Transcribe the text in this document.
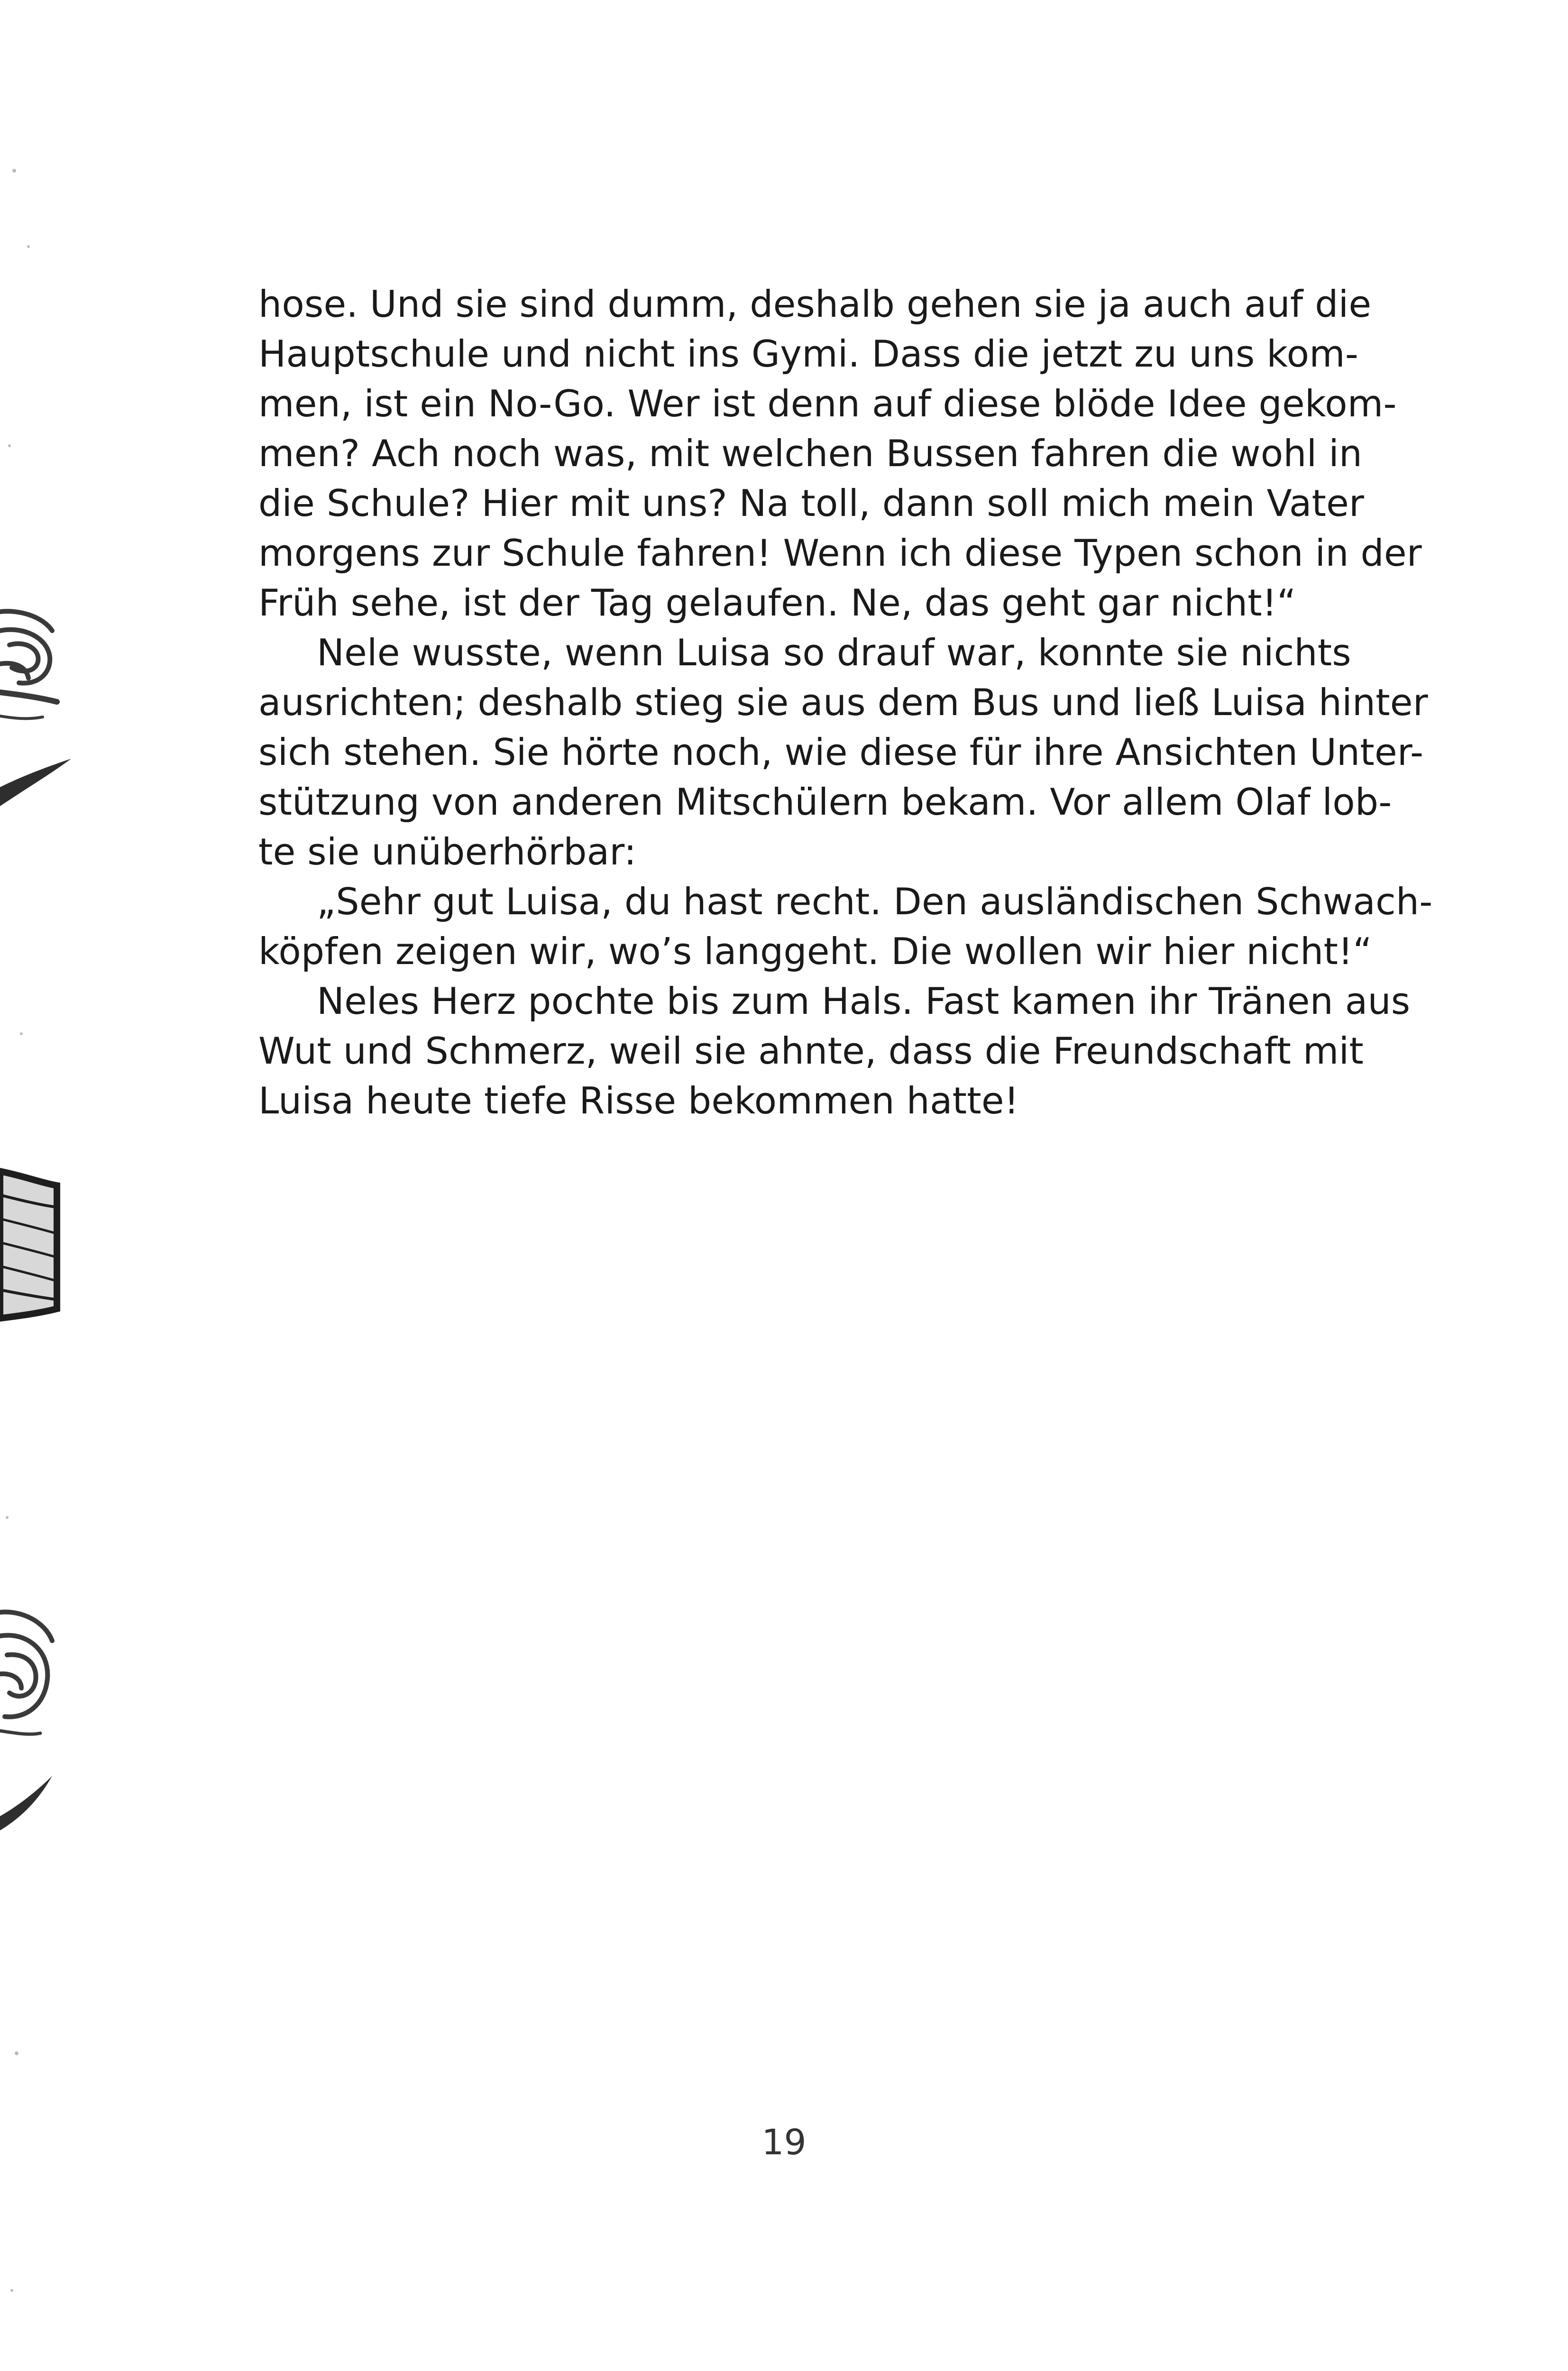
hose. Und sie sind dumm, deshalb gehen sie ja auch auf die
Hauptschule und nicht ins Gymi. Dass die jetzt zu uns kom-
men, ist ein No-Go. Wer ist denn auf diese blöde Idee gekom-
men? Ach noch was, mit welchen Bussen fahren die wohl in
die Schule? Hier mit uns? Na toll, dann soll mich mein Vater
morgens zur Schule fahren! Wenn ich diese Typen schon in der
Früh sehe, ist der Tag gelaufen. Ne, das geht gar nicht!“
Nele wusste, wenn Luisa so drauf war, konnte sie nichts
ausrichten; deshalb stieg sie aus dem Bus und ließ Luisa hinter
sich stehen. Sie hörte noch, wie diese für ihre Ansichten Unter-
stützung von anderen Mitschülern bekam. Vor allem Olaf lob-
te sie unüberhörbar:
„Sehr gut Luisa, du hast recht. Den ausländischen Schwach-
köpfen zeigen wir, wo’s langgeht. Die wollen wir hier nicht!“
Neles Herz pochte bis zum Hals. Fast kamen ihr Tränen aus
Wut und Schmerz, weil sie ahnte, dass die Freundschaft mit
Luisa heute tiefe Risse bekommen hatte!
19
